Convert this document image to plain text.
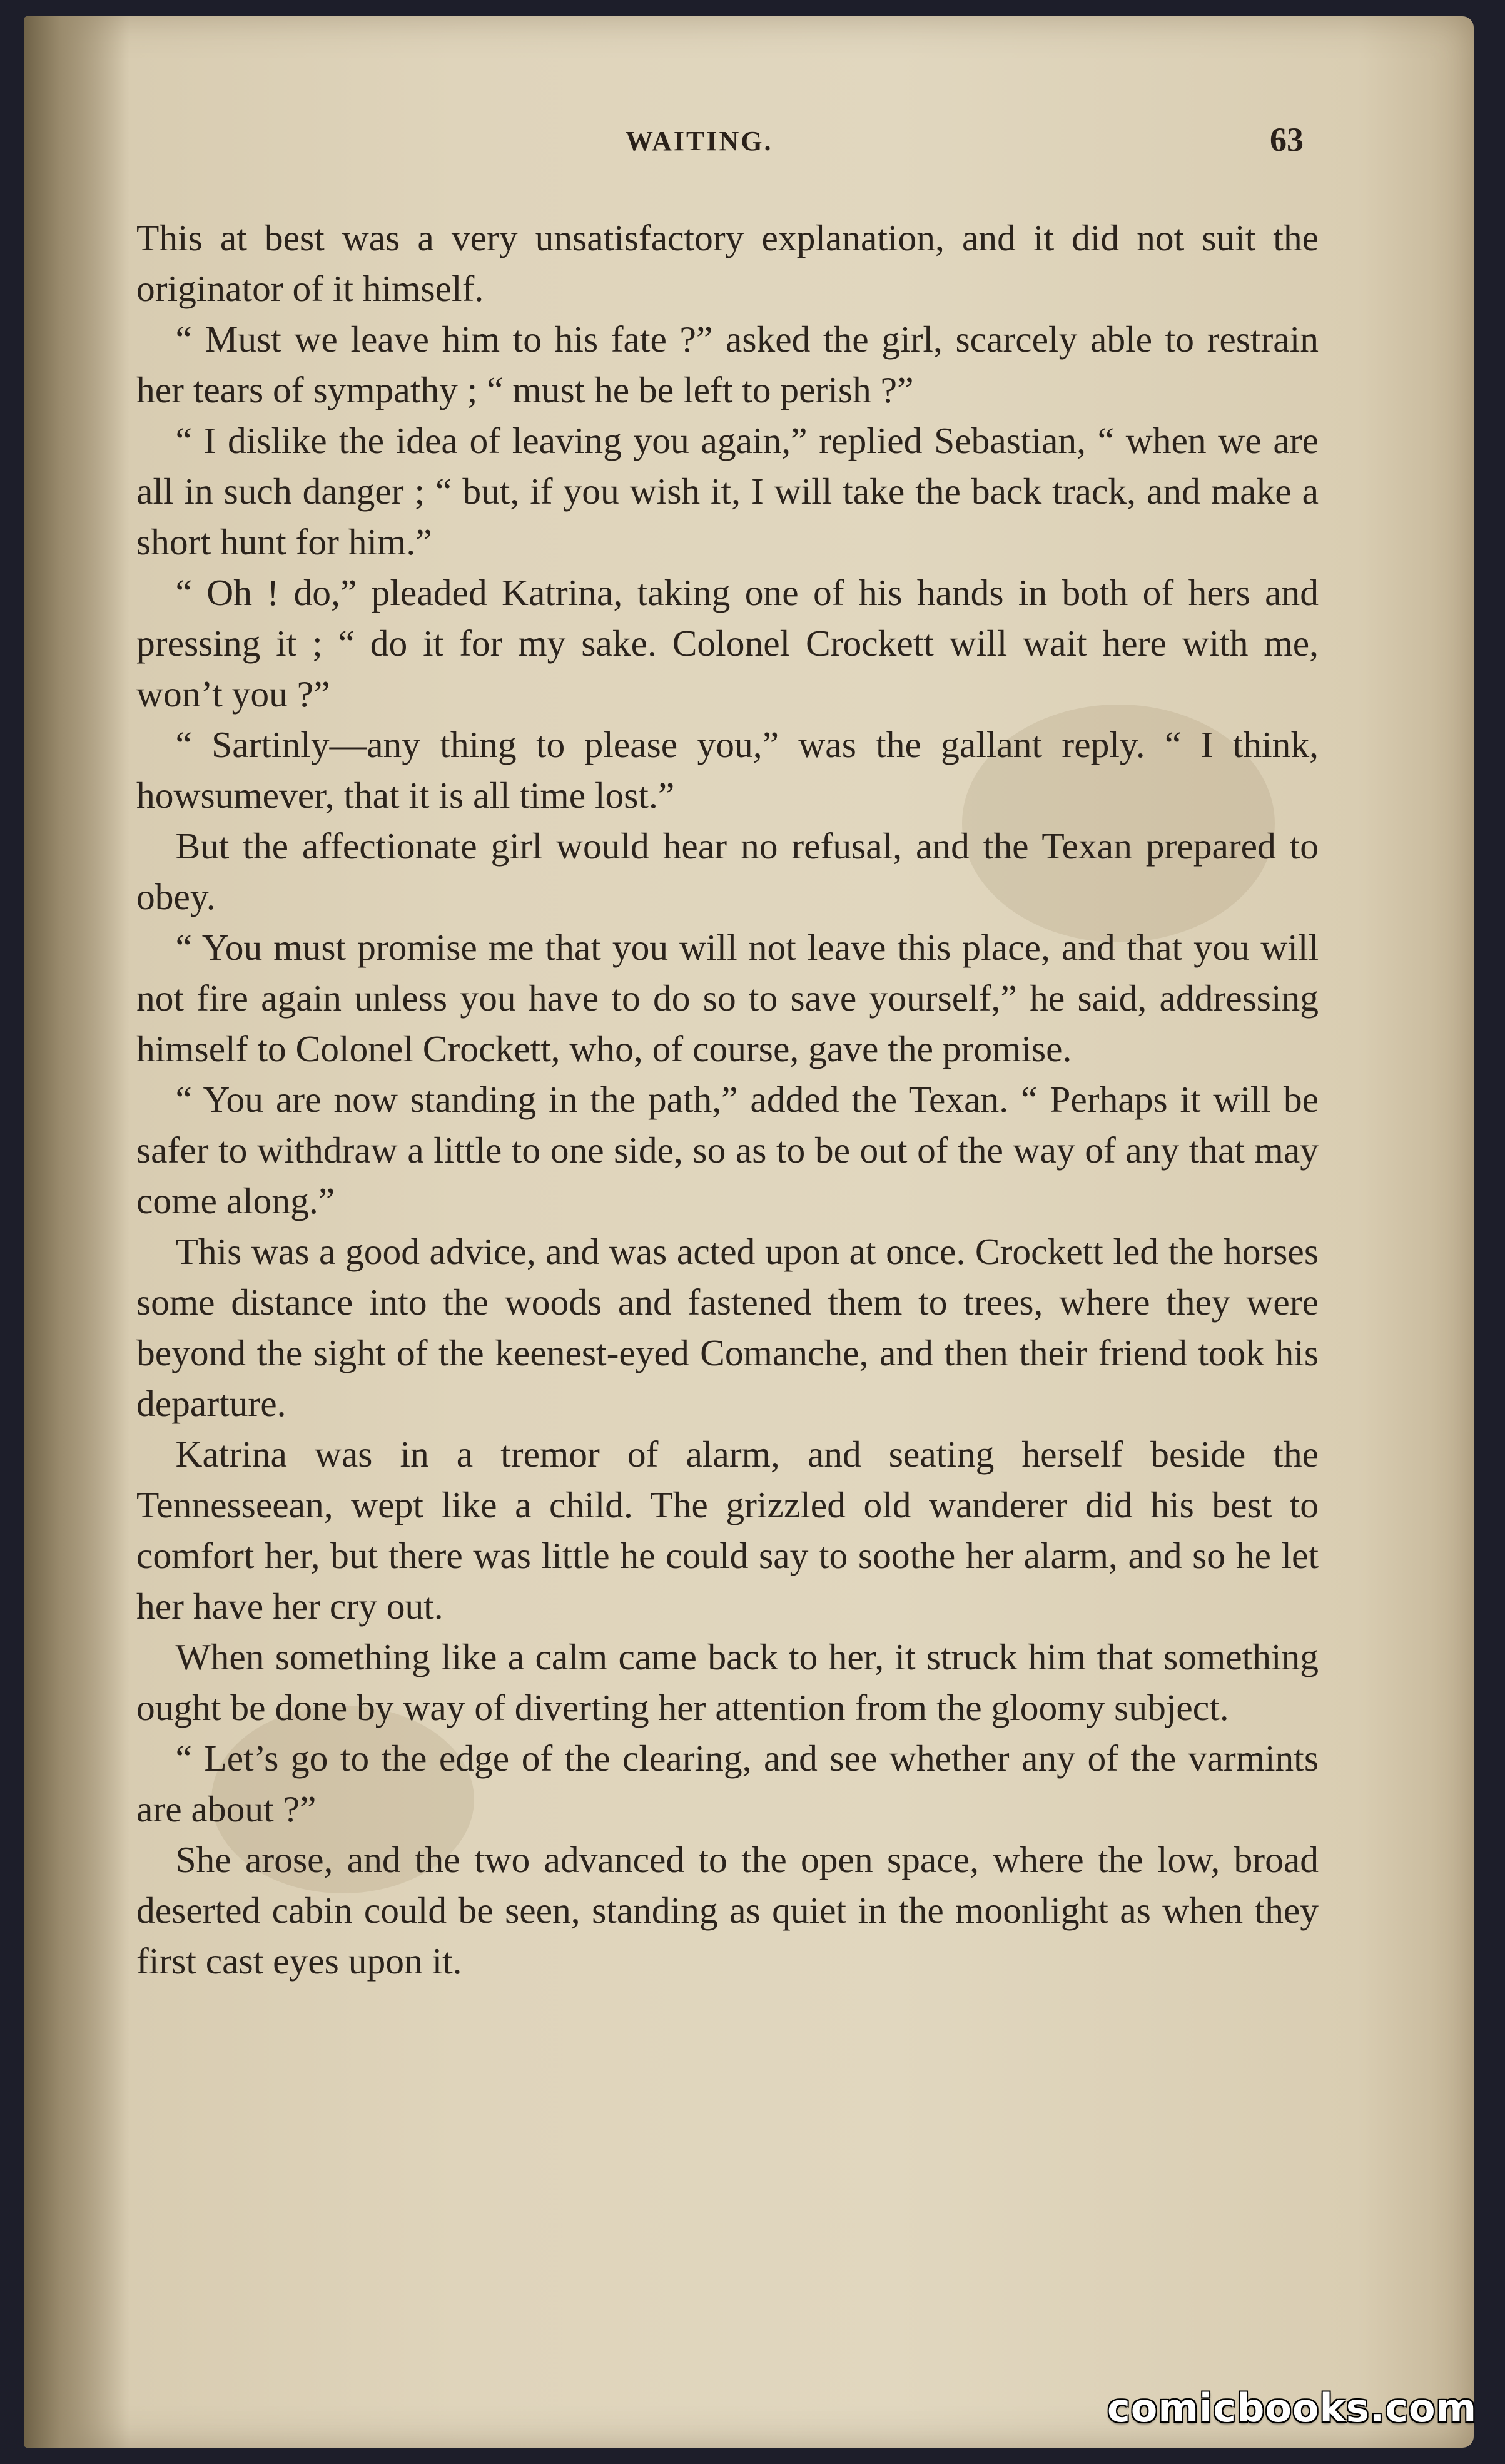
WAITING.	63

This at best was a very unsatisfactory explanation, and it did not suit the originator of it himself.

“ Must we leave him to his fate ?” asked the girl, scarcely able to restrain her tears of sympathy ; “ must he be left to perish ?”

“ I dislike the idea of leaving you again,” replied Sebastian, “ when we are all in such danger ; “ but, if you wish it, I will take the back track, and make a short hunt for him.”

“ Oh ! do,” pleaded Katrina, taking one of his hands in both of hers and pressing it ; “ do it for my sake. Colonel Crockett will wait here with me, won’t you ?”

“ Sartinly—any thing to please you,” was the gallant reply. “ I think, howsumever, that it is all time lost.”

But the affectionate girl would hear no refusal, and the Texan prepared to obey.

“ You must promise me that you will not leave this place, and that you will not fire again unless you have to do so to save yourself,” he said, addressing himself to Colonel Crockett, who, of course, gave the promise.

“ You are now standing in the path,” added the Texan. “ Perhaps it will be safer to withdraw a little to one side, so as to be out of the way of any that may come along.”

This was a good advice, and was acted upon at once. Crockett led the horses some distance into the woods and fastened them to trees, where they were beyond the sight of the keenest-eyed Comanche, and then their friend took his departure.

Katrina was in a tremor of alarm, and seating herself beside the Tennesseean, wept like a child. The grizzled old wanderer did his best to comfort her, but there was little he could say to soothe her alarm, and so he let her have her cry out.

When something like a calm came back to her, it struck him that something ought be done by way of diverting her attention from the gloomy subject.

“ Let’s go to the edge of the clearing, and see whether any of the varmints are about ?”

She arose, and the two advanced to the open space, where the low, broad deserted cabin could be seen, standing as quiet in the moonlight as when they first cast eyes upon it.

comicbooks.com
